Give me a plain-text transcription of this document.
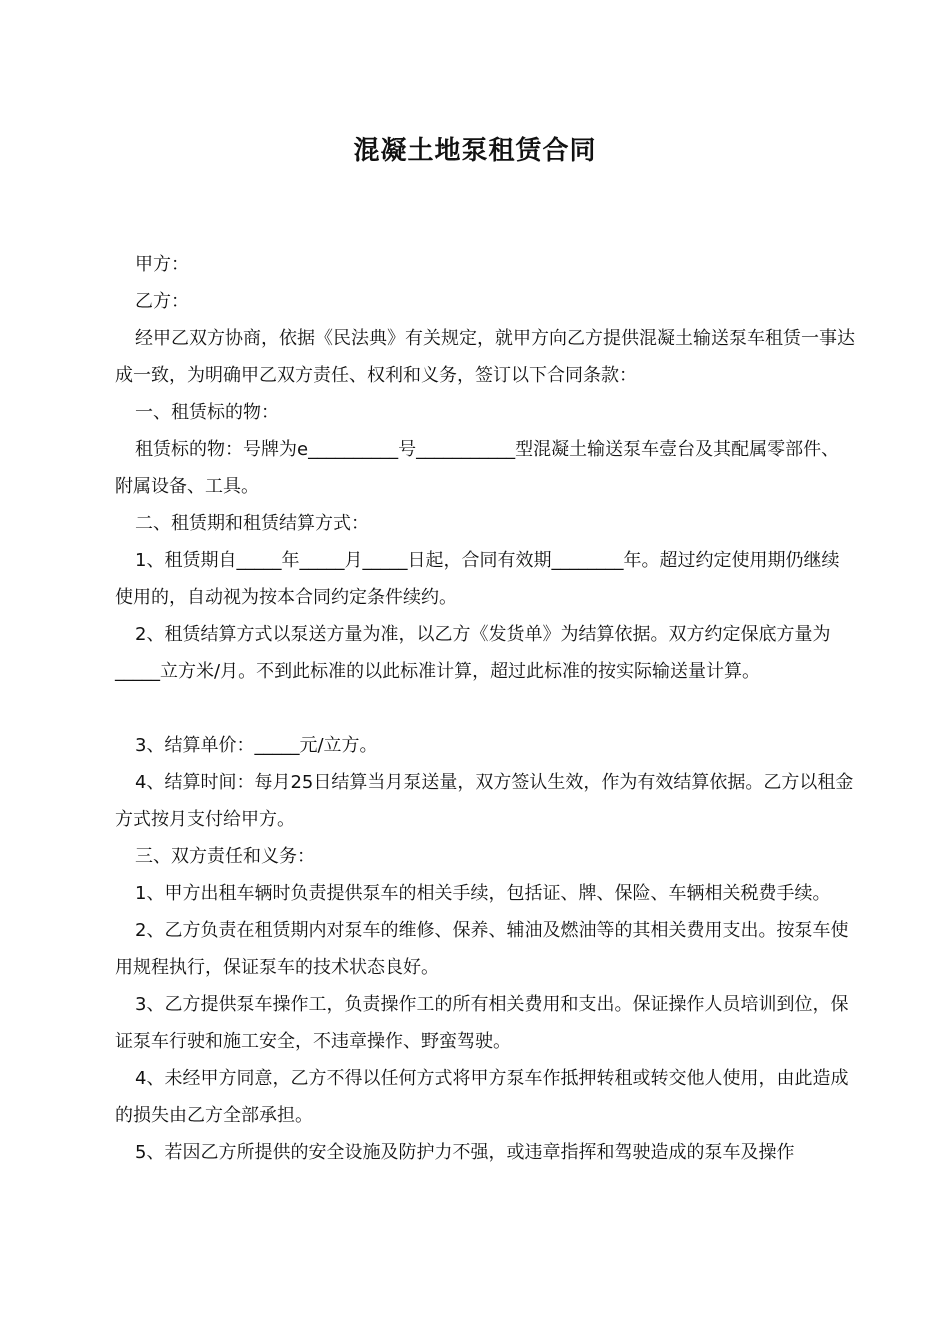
混凝土地泵租赁合同

甲方：

乙方：

经甲乙双方协商，依据《民法典》有关规定，就甲方向乙方提供混凝土输送泵车租赁一事达成一致，为明确甲乙双方责任、权利和义务，签订以下合同条款：

一、租赁标的物：

租赁标的物：号牌为e__________号___________型混凝土输送泵车壹台及其配属零部件、附属设备、工具。

二、租赁期和租赁结算方式：

1、租赁期自_____年_____月_____日起，合同有效期________年。超过约定使用期仍继续使用的，自动视为按本合同约定条件续约。

2、租赁结算方式以泵送方量为准，以乙方《发货单》为结算依据。双方约定保底方量为_____立方米/月。不到此标准的以此标准计算，超过此标准的按实际输送量计算。

3、结算单价：_____元/立方。

4、结算时间：每月25日结算当月泵送量，双方签认生效，作为有效结算依据。乙方以租金方式按月支付给甲方。

三、双方责任和义务：

1、甲方出租车辆时负责提供泵车的相关手续，包括证、牌、保险、车辆相关税费手续。

2、乙方负责在租赁期内对泵车的维修、保养、辅油及燃油等的其相关费用支出。按泵车使用规程执行，保证泵车的技术状态良好。

3、乙方提供泵车操作工，负责操作工的所有相关费用和支出。保证操作人员培训到位，保证泵车行驶和施工安全，不违章操作、野蛮驾驶。

4、未经甲方同意，乙方不得以任何方式将甲方泵车作抵押转租或转交他人使用，由此造成的损失由乙方全部承担。

5、若因乙方所提供的安全设施及防护力不强，或违章指挥和驾驶造成的泵车及操作
